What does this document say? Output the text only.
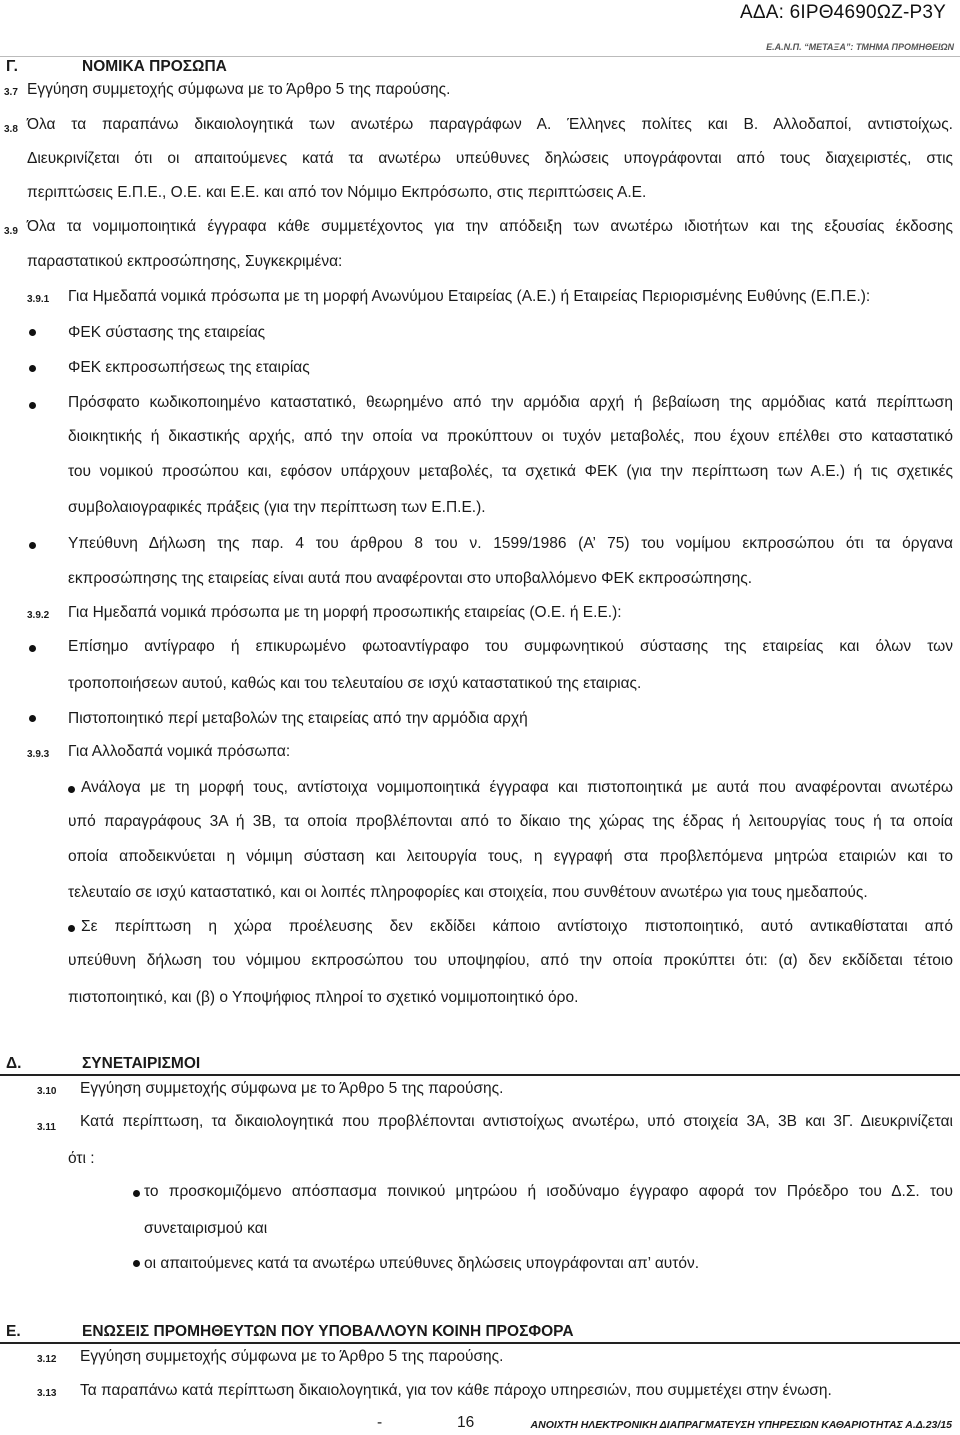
ΑΔΑ: 6ΙΡΘ4690ΩΖ-Ρ3Υ
Ε.Α.Ν.Π. “ΜΕΤΑΞΑ”: ΤΜΗΜΑ ΠΡΟΜΗΘΕΙΩΝ
Γ.	ΝΟΜΙΚΑ ΠΡΟΣΩΠΑ
3.7 Εγγύηση συμμετοχής σύμφωνα με το Άρθρο 5 της παρούσης.
3.8 Όλα τα παραπάνω δικαιολογητικά των ανωτέρω παραγράφων Α. Έλληνες πολίτες και Β. Αλλοδαποί, αντιστοίχως.
Διευκρινίζεται ότι οι απαιτούμενες κατά τα ανωτέρω υπεύθυνες δηλώσεις υπογράφονται από τους διαχειριστές, στις
περιπτώσεις Ε.Π.Ε., Ο.Ε. και Ε.Ε. και από τον Νόμιμο Εκπρόσωπο, στις περιπτώσεις Α.Ε.
3.9 Όλα τα νομιμοποιητικά έγγραφα κάθε συμμετέχοντος για την απόδειξη των ανωτέρω ιδιοτήτων και της εξουσίας έκδοσης
παραστατικού εκπροσώπησης, Συγκεκριμένα:
3.9.1 Για Ημεδαπά νομικά πρόσωπα με τη μορφή Ανωνύμου Εταιρείας (Α.Ε.) ή Εταιρείας Περιορισμένης Ευθύνης (Ε.Π.Ε.):
ΦΕΚ σύστασης της εταιρείας
ΦΕΚ εκπροσωπήσεως της εταιρίας
Πρόσφατο κωδικοποιημένο καταστατικό, θεωρημένο από την αρμόδια αρχή ή βεβαίωση της αρμόδιας κατά περίπτωση
διοικητικής ή δικαστικής αρχής, από την οποία να προκύπτουν οι τυχόν μεταβολές, που έχουν επέλθει στο καταστατικό
του νομικού προσώπου και, εφόσον υπάρχουν μεταβολές, τα σχετικά ΦΕΚ (για την περίπτωση των Α.Ε.) ή τις σχετικές
συμβολαιογραφικές πράξεις (για την περίπτωση των Ε.Π.Ε.).
Υπεύθυνη Δήλωση της παρ. 4 του άρθρου 8 του ν. 1599/1986 (Α’ 75) του νομίμου εκπροσώπου ότι τα όργανα
εκπροσώπησης της εταιρείας είναι αυτά που αναφέρονται στο υποβαλλόμενο ΦΕΚ εκπροσώπησης.
3.9.2 Για Ημεδαπά νομικά πρόσωπα με τη μορφή προσωπικής εταιρείας (Ο.Ε. ή Ε.Ε.):
Επίσημο αντίγραφο ή επικυρωμένο φωτοαντίγραφο του συμφωνητικού σύστασης της εταιρείας και όλων των
τροποποιήσεων αυτού, καθώς και του τελευταίου σε ισχύ καταστατικού της εταιριας.
Πιστοποιητικό περί μεταβολών της εταιρείας από την αρμόδια αρχή
3.9.3 Για Αλλοδαπά νομικά πρόσωπα:
Ανάλογα με τη μορφή τους, αντίστοιχα νομιμοποιητικά έγγραφα και πιστοποιητικά με αυτά που αναφέρονται ανωτέρω
υπό παραγράφους 3Α ή 3Β, τα οποία προβλέπονται από το δίκαιο της χώρας της έδρας ή λειτουργίας τους ή τα οποία
οποία αποδεικνύεται η νόμιμη σύσταση και λειτουργία τους, η εγγραφή στα προβλεπόμενα μητρώα εταιριών και το
τελευταίο σε ισχύ καταστατικό, και οι λοιπές πληροφορίες και στοιχεία, που συνθέτουν ανωτέρω για τους ημεδαπούς.
Σε περίπτωση η χώρα προέλευσης δεν εκδίδει κάποιο αντίστοιχο πιστοποιητικό, αυτό αντικαθίσταται από
υπεύθυνη δήλωση του νόμιμου εκπροσώπου του υποψηφίου, από την οποία προκύπτει ότι: (α) δεν εκδίδεται τέτοιο
πιστοποιητικό, και (β) ο Υποψήφιος πληροί το σχετικό νομιμοποιητικό όρο.
Δ.	ΣΥΝΕΤΑΙΡΙΣΜΟΙ
3.10 Εγγύηση συμμετοχής σύμφωνα με το Άρθρο 5 της παρούσης.
3.11 Κατά περίπτωση, τα δικαιολογητικά που προβλέπονται αντιστοίχως ανωτέρω, υπό στοιχεία 3Α, 3Β και 3Γ. Διευκρινίζεται
ότι :
το προσκομιζόμενο απόσπασμα ποινικού μητρώου ή ισοδύναμο έγγραφο αφορά τον Πρόεδρο του Δ.Σ. του
συνεταιρισμού και
οι απαιτούμενες κατά τα ανωτέρω υπεύθυνες δηλώσεις υπογράφονται απ’ αυτόν.
Ε.	ΕΝΩΣΕΙΣ ΠΡΟΜΗΘΕΥΤΩΝ ΠΟΥ ΥΠΟΒΑΛΛΟΥΝ ΚΟΙΝΗ ΠΡΟΣΦΟΡΑ
3.12 Εγγύηση συμμετοχής σύμφωνα με το Άρθρο 5 της παρούσης.
3.13 Τα παραπάνω κατά περίπτωση δικαιολογητικά, για τον κάθε πάροχο υπηρεσιών, που συμμετέχει στην ένωση.
-	16	ΑΝΟΙΧΤΗ ΗΛΕΚΤΡΟΝΙΚΗ ΔΙΑΠΡΑΓΜΑΤΕΥΣΗ ΥΠΗΡΕΣΙΩΝ ΚΑΘΑΡΙΟΤΗΤΑΣ Α.Δ.23/15
